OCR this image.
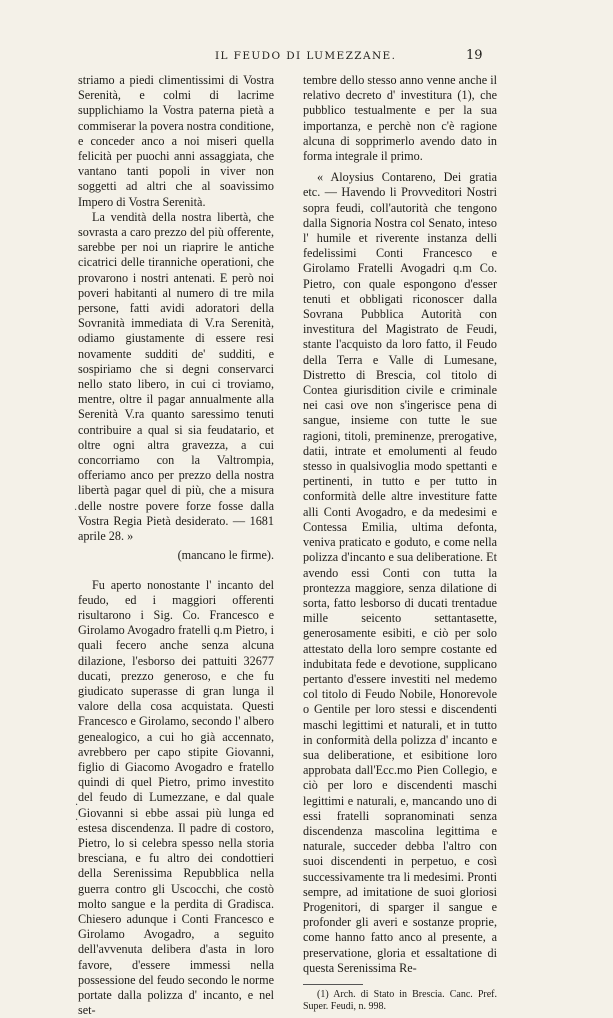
IL FEUDO DI LUMEZZANE.	19

striamo a piedi climentissimi di Vostra Serenità, e colmi di lacrime supplichiamo la Vostra paterna pietà a commiserar la povera nostra conditione, e conceder anco a noi miseri quella felicità per puochi anni assaggiata, che vantano tanti popoli in viver non soggetti ad altri che al soavissimo Impero di Vostra Serenità.

La vendità della nostra libertà, che sovrasta a caro prezzo del più offerente, sarebbe per noi un riaprire le antiche cicatrici delle tiranniche operationi, che provarono i nostri antenati. E però noi poveri habitanti al numero di tre mila persone, fatti avidi adoratori della Sovranità immediata di V.ra Serenità, odiamo giustamente di essere resi novamente sudditi de' sudditi, e sospiriamo che si degni conservarci nello stato libero, in cui ci troviamo, mentre, oltre il pagar annualmente alla Serenità V.ra quanto saressimo tenuti contribuire a qual si sia feudatario, et oltre ogni altra gravezza, a cui concorriamo con la Valtrompia, offeriamo anco per prezzo della nostra libertà pagar quel di più, che a misura delle nostre povere forze fosse dalla Vostra Regia Pietà desiderato. — 1681 aprile 28. »

(mancano le firme).

Fu aperto nonostante l' incanto del feudo, ed i maggiori offerenti risultarono i Sig. Co. Francesco e Girolamo Avogadro fratelli q.m Pietro, i quali fecero anche senza alcuna dilazione, l'esborso dei pattuiti 32677 ducati, prezzo generoso, e che fu giudicato superasse di gran lunga il valore della cosa acquistata. Questi Francesco e Girolamo, secondo l' albero genealogico, a cui ho già accennato, avrebbero per capo stipite Giovanni, figlio di Giacomo Avogadro e fratello quindi di quel Pietro, primo investito del feudo di Lumezzane, e dal quale Giovanni si ebbe assai più lunga ed estesa discendenza. Il padre di costoro, Pietro, lo si celebra spesso nella storia bresciana, e fu altro dei condottieri della Serenissima Repubblica nella guerra contro gli Uscocchi, che costò molto sangue e la perdita di Gradisca. Chiesero adunque i Conti Francesco e Girolamo Avogadro, a seguito dell'avvenuta delibera d'asta in loro favore, d'essere immessi nella possessione del feudo secondo le norme portate dalla polizza d' incanto, e nel set-

tembre dello stesso anno venne anche il relativo decreto d' investitura (1), che pubblico testualmente e per la sua importanza, e perchè non c'è ragione alcuna di sopprimerlo avendo dato in forma integrale il primo.

« Aloysius Contareno, Dei gratia etc. — Havendo li Provveditori Nostri sopra feudi, coll'autorità che tengono dalla Signoria Nostra col Senato, inteso l' humile et riverente instanza delli fedelissimi Conti Francesco e Girolamo Fratelli Avogadri q.m Co. Pietro, con quale espongono d'esser tenuti et obbligati riconoscer dalla Sovrana Pubblica Autorità con investitura del Magistrato de Feudi, stante l'acquisto da loro fatto, il Feudo della Terra e Valle di Lumesane, Distretto di Brescia, col titolo di Contea giurisdition civile e criminale nei casi ove non s'ingerisce pena di sangue, insieme con tutte le sue ragioni, titoli, preminenze, prerogative, datii, intrate et emolumenti al feudo stesso in qualsivoglia modo spettanti e pertinenti, in tutto e per tutto in conformità delle altre investiture fatte alli Conti Avogadro, e da medesimi e Contessa Emilia, ultima defonta, veniva praticato e goduto, e come nella polizza d'incanto e sua deliberatione. Et avendo essi Conti con tutta la prontezza maggiore, senza dilatione di sorta, fatto lesborso di ducati trentadue mille seicento settantasette, generosamente esibiti, e ciò per solo attestato della loro sempre costante ed indubitata fede e devotione, supplicano pertanto d'essere investiti nel medemo col titolo di Feudo Nobile, Honorevole o Gentile per loro stessi e discendenti maschi legittimi et naturali, et in tutto in conformità della polizza d' incanto e sua deliberatione, et esibitione loro approbata dall'Ecc.mo Pien Collegio, e ciò per loro e discendenti maschi legittimi e naturali, e, mancando uno di essi fratelli sopranominati senza discendenza mascolina legittima e naturale, succeder debba l'altro con suoi discendenti in perpetuo, e così successivamente tra li medesimi. Pronti sempre, ad imitatione de suoi gloriosi Progenitori, di sparger il sangue e profonder gli averi e sostanze proprie, come hanno fatto anco al presente, a preservatione, gloria et essaltatione di questa Serenissima Re-

(1) Arch. di Stato in Brescia. Canc. Pref. Super. Feudi, n. 998.

·
·
·
